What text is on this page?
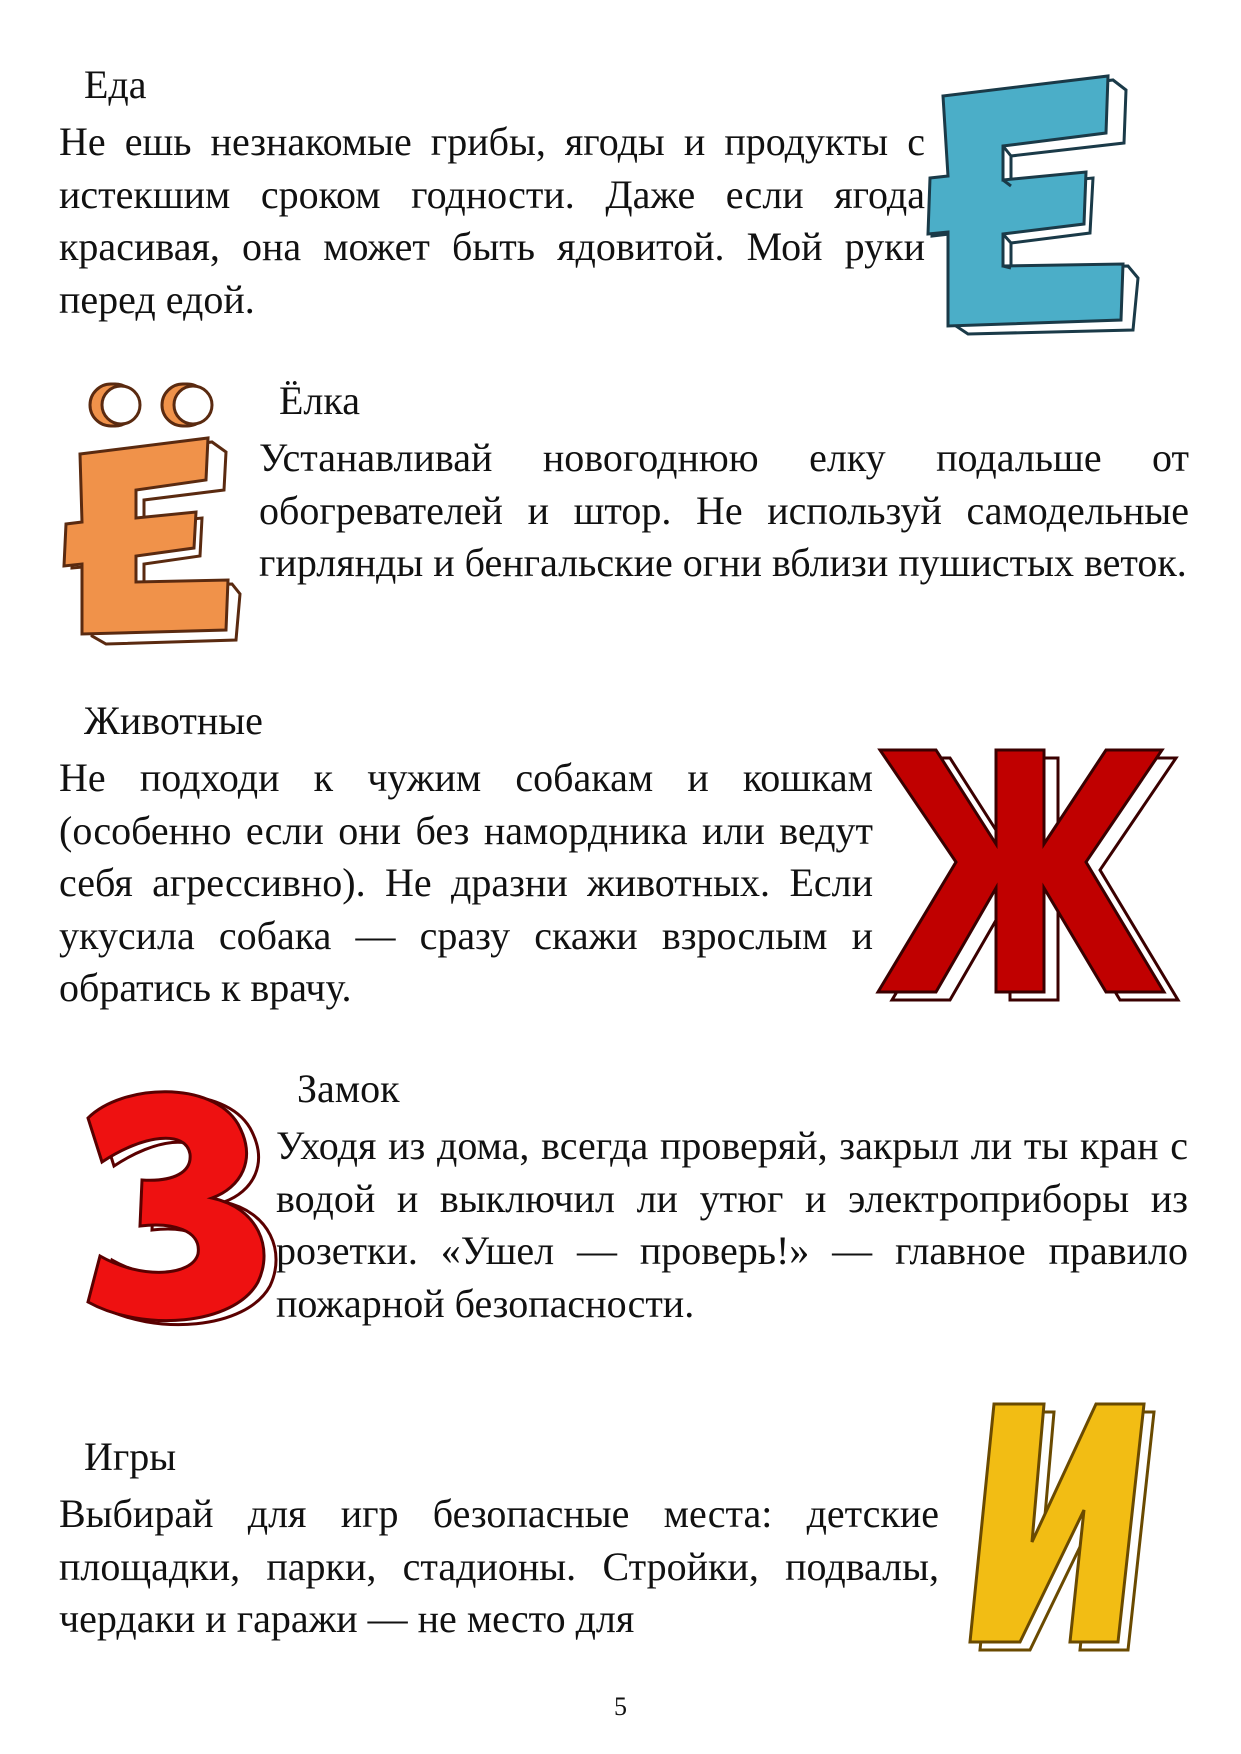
Еда

Не ешь незнакомые грибы, ягоды и продукты с истекшим сроком годности. Даже если ягода красивая, она может быть ядовитой. Мой руки перед едой.

Ёлка

Устанавливай новогоднюю елку подальше от обогревателей и штор. Не используй самодельные гирлянды и бенгальские огни вблизи пушистых веток.

Животные

Не подходи к чужим собакам и кошкам (особенно если они без намордника или ведут себя агрессивно). Не дразни животных. Если укусила собака — сразу скажи взрослым и обратись к врачу.

Замок

Уходя из дома, всегда проверяй, закрыл ли ты кран с водой и выключил ли утюг и электроприборы из розетки. «Ушел — проверь!» — главное правило пожарной безопасности.

Игры

Выбирай для игр безопасные места: детские площадки, парки, стадионы. Стройки, подвалы, чердаки и гаражи — не место для

5
